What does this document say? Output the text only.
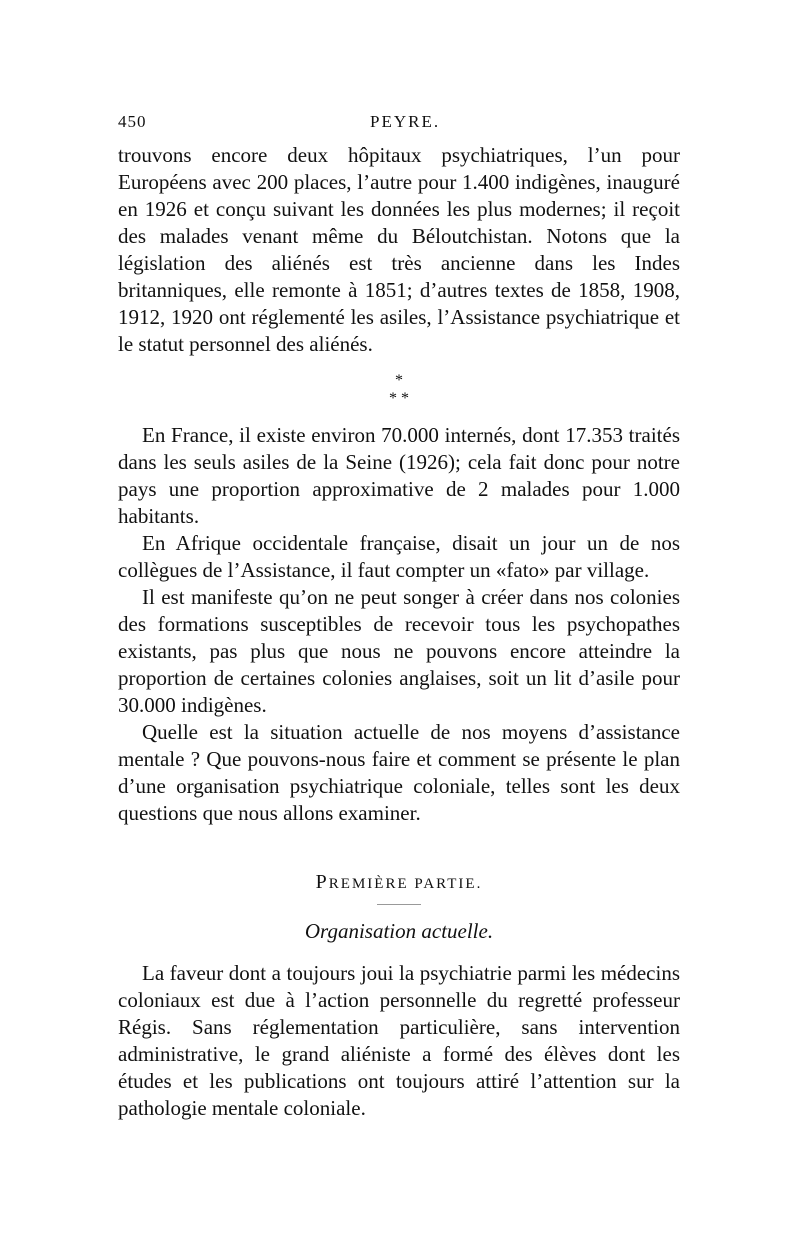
450	PEYRE.

trouvons encore deux hôpitaux psychiatriques, l’un pour Européens avec 200 places, l’autre pour 1.400 indigènes, inauguré en 1926 et conçu suivant les données les plus modernes; il reçoit des malades venant même du Béloutchistan. Notons que la législation des aliénés est très ancienne dans les Indes britanniques, elle remonte à 1851; d’autres textes de 1858, 1908, 1912, 1920 ont réglementé les asiles, l’Assistance psychiatrique et le statut personnel des aliénés.

*
* *

En France, il existe environ 70.000 internés, dont 17.353 traités dans les seuls asiles de la Seine (1926); cela fait donc pour notre pays une proportion approximative de 2 malades pour 1.000 habitants.

En Afrique occidentale française, disait un jour un de nos collègues de l’Assistance, il faut compter un «fato» par village.

Il est manifeste qu’on ne peut songer à créer dans nos colonies des formations susceptibles de recevoir tous les psychopathes existants, pas plus que nous ne pouvons encore atteindre la proportion de certaines colonies anglaises, soit un lit d’asile pour 30.000 indigènes.

Quelle est la situation actuelle de nos moyens d’assistance mentale ? Que pouvons-nous faire et comment se présente le plan d’une organisation psychiatrique coloniale, telles sont les deux questions que nous allons examiner.

PREMIÈRE PARTIE.
Organisation actuelle.

La faveur dont a toujours joui la psychiatrie parmi les médecins coloniaux est due à l’action personnelle du regretté professeur Régis. Sans réglementation particulière, sans intervention administrative, le grand aliéniste a formé des élèves dont les études et les publications ont toujours attiré l’attention sur la pathologie mentale coloniale.
